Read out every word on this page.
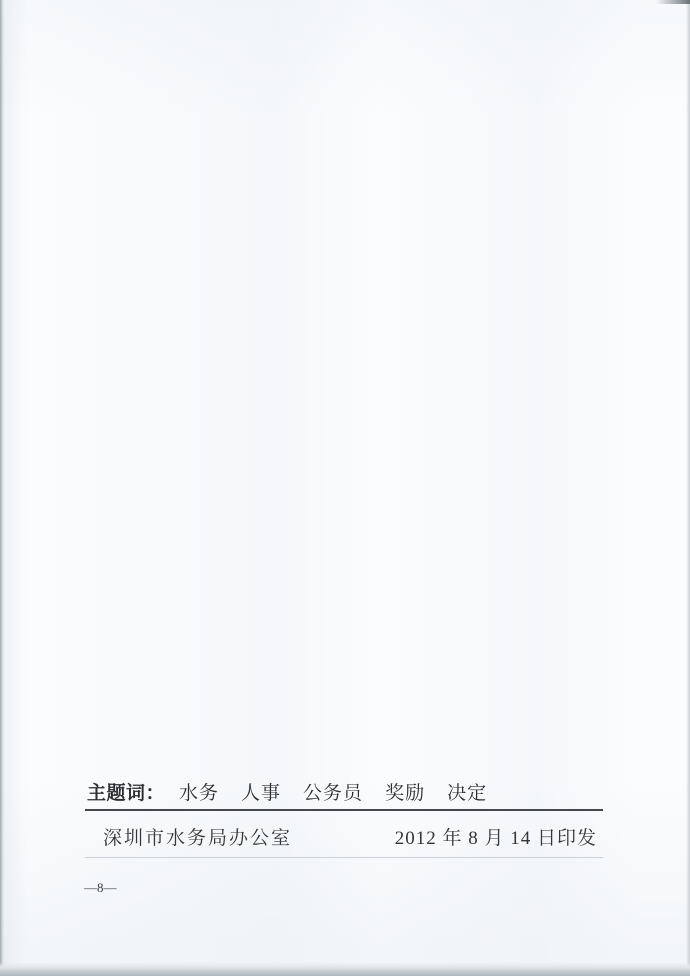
主题词： 水务 人事 公务员 奖励 决定
深圳市水务局办公室	2012 年 8 月 14 日印发
—8—
